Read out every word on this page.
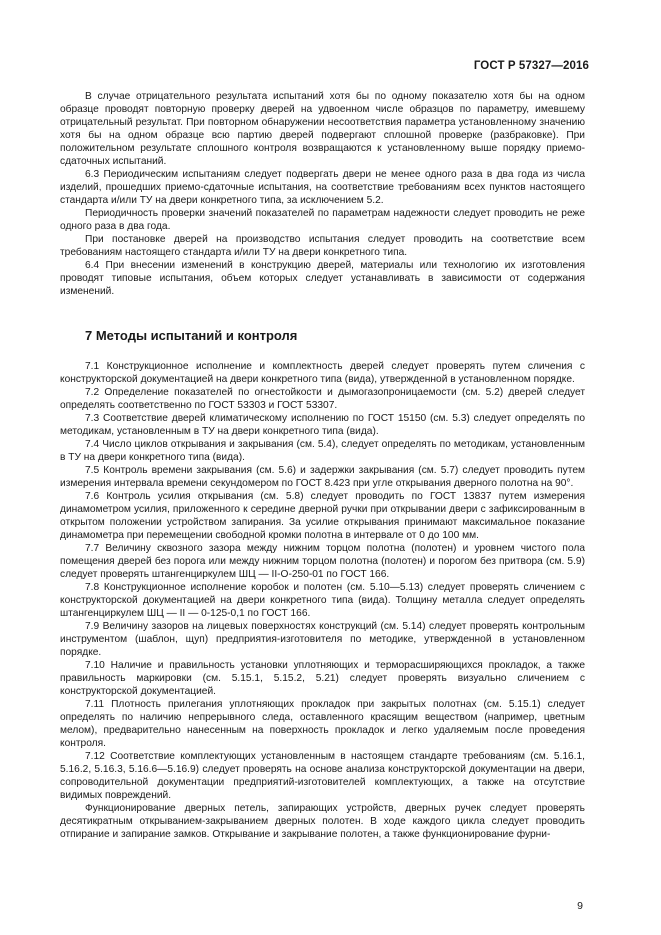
ГОСТ Р 57327—2016

В случае отрицательного результата испытаний хотя бы по одному показателю хотя бы на одном образце проводят повторную проверку дверей на удвоенном числе образцов по параметру, имевшему отрицательный результат. При повторном обнаружении несоответствия параметра установленному значению хотя бы на одном образце всю партию дверей подвергают сплошной проверке (разбраковке). При положительном результате сплошного контроля возвращаются к установленному выше порядку приемо-сдаточных испытаний.

6.3 Периодическим испытаниям следует подвергать двери не менее одного раза в два года из числа изделий, прошедших приемо-сдаточные испытания, на соответствие требованиям всех пунктов настоящего стандарта и/или ТУ на двери конкретного типа, за исключением 5.2.

Периодичность проверки значений показателей по параметрам надежности следует проводить не реже одного раза в два года.

При постановке дверей на производство испытания следует проводить на соответствие всем требованиям настоящего стандарта и/или ТУ на двери конкретного типа.

6.4 При внесении изменений в конструкцию дверей, материалы или технологию их изготовления проводят типовые испытания, объем которых следует устанавливать в зависимости от содержания изменений.

7 Методы испытаний и контроля

7.1 Конструкционное исполнение и комплектность дверей следует проверять путем сличения с конструкторской документацией на двери конкретного типа (вида), утвержденной в установленном порядке.

7.2 Определение показателей по огнестойкости и дымогазопроницаемости (см. 5.2) дверей следует определять соответственно по ГОСТ 53303 и ГОСТ 53307.

7.3 Соответствие дверей климатическому исполнению по ГОСТ 15150 (см. 5.3) следует определять по методикам, установленным в ТУ на двери конкретного типа (вида).

7.4 Число циклов открывания и закрывания (см. 5.4), следует определять по методикам, установленным в ТУ на двери конкретного типа (вида).

7.5 Контроль времени закрывания (см. 5.6) и задержки закрывания (см. 5.7) следует проводить путем измерения интервала времени секундомером по ГОСТ 8.423 при угле открывания дверного полотна на 90°.

7.6 Контроль усилия открывания (см. 5.8) следует проводить по ГОСТ 13837 путем измерения динамометром усилия, приложенного к середине дверной ручки при открывании двери с зафиксированным в открытом положении устройством запирания. За усилие открывания принимают максимальное показание динамометра при перемещении свободной кромки полотна в интервале от 0 до 100 мм.

7.7 Величину сквозного зазора между нижним торцом полотна (полотен) и уровнем чистого пола помещения дверей без порога или между нижним торцом полотна (полотен) и порогом без притвора (см. 5.9) следует проверять штангенциркулем ШЦ — II-О-250-01 по ГОСТ 166.

7.8 Конструкционное исполнение коробок и полотен (см. 5.10—5.13) следует проверять сличением с конструкторской документацией на двери конкретного типа (вида). Толщину металла следует определять штангенциркулем ШЦ — II — 0-125-0,1 по ГОСТ 166.

7.9 Величину зазоров на лицевых поверхностях конструкций (см. 5.14) следует проверять контрольным инструментом (шаблон, щуп) предприятия-изготовителя по методике, утвержденной в установленном порядке.

7.10 Наличие и правильность установки уплотняющих и терморасширяющихся прокладок, а также правильность маркировки (см. 5.15.1, 5.15.2, 5.21) следует проверять визуально сличением с конструкторской документацией.

7.11 Плотность прилегания уплотняющих прокладок при закрытых полотнах (см. 5.15.1) следует определять по наличию непрерывного следа, оставленного красящим веществом (например, цветным мелом), предварительно нанесенным на поверхность прокладок и легко удаляемым после проведения контроля.

7.12 Соответствие комплектующих установленным в настоящем стандарте требованиям (см. 5.16.1, 5.16.2, 5.16.3, 5.16.6—5.16.9) следует проверять на основе анализа конструкторской документации на двери, сопроводительной документации предприятий-изготовителей комплектующих, а также на отсутствие видимых повреждений.

Функционирование дверных петель, запирающих устройств, дверных ручек следует проверять десятикратным открыванием-закрыванием дверных полотен. В ходе каждого цикла следует проводить отпирание и запирание замков. Открывание и закрывание полотен, а также функционирование фурни-

9
